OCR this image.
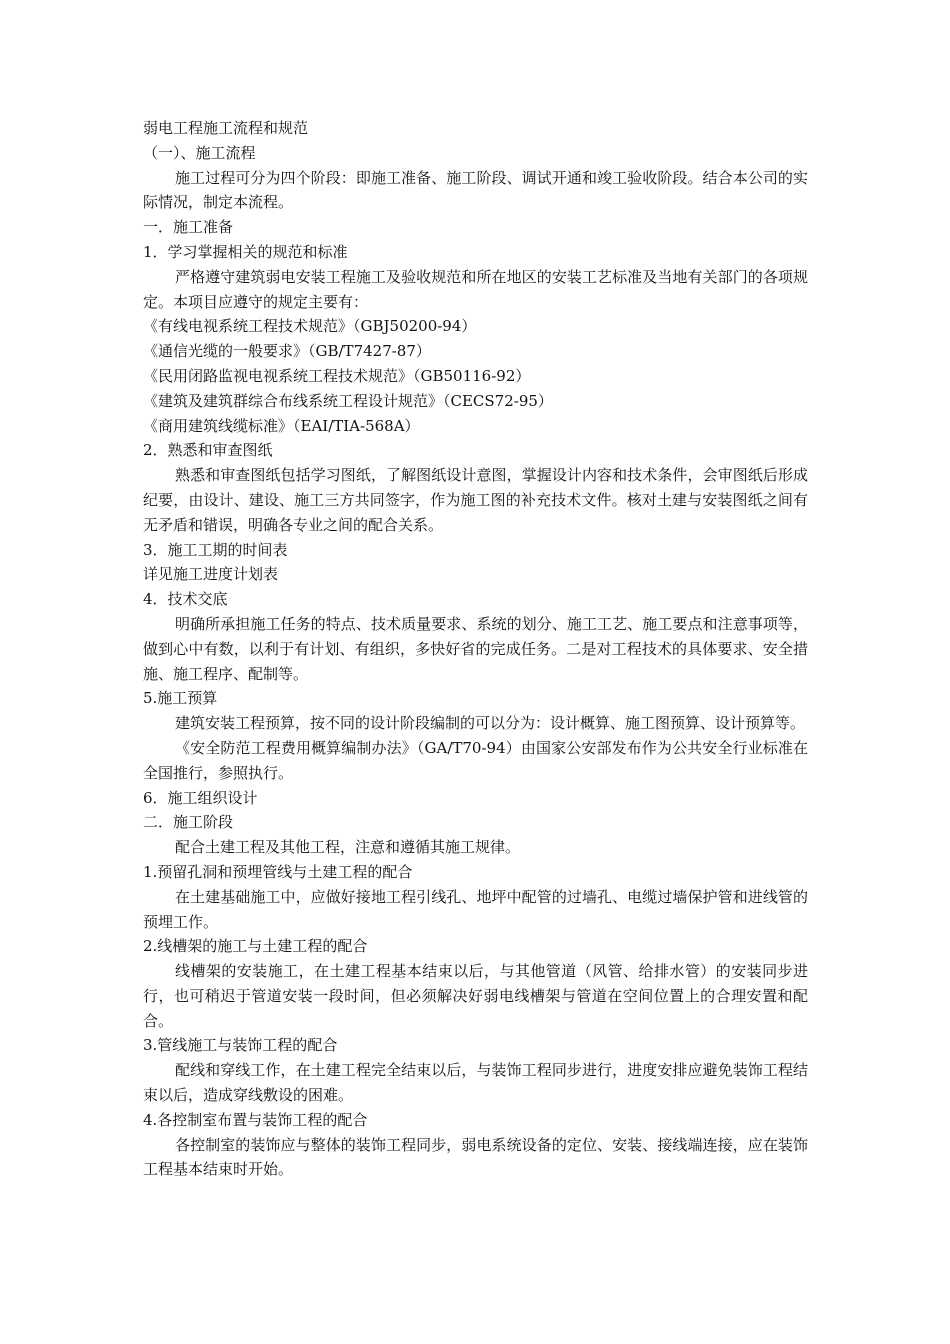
弱电工程施工流程和规范

（一）、施工流程

施工过程可分为四个阶段：即施工准备、施工阶段、调试开通和竣工验收阶段。结合本公司的实际情况，制定本流程。

一．施工准备

1．学习掌握相关的规范和标准

严格遵守建筑弱电安装工程施工及验收规范和所在地区的安装工艺标准及当地有关部门的各项规定。本项目应遵守的规定主要有：

《有线电视系统工程技术规范》（GBJ50200-94）

《通信光缆的一般要求》（GB/T7427-87）

《民用闭路监视电视系统工程技术规范》（GB50116-92）

《建筑及建筑群综合布线系统工程设计规范》（CECS72-95）

《商用建筑线缆标准》（EAI/TIA-568A）

2．熟悉和审查图纸

熟悉和审查图纸包括学习图纸，了解图纸设计意图，掌握设计内容和技术条件，会审图纸后形成纪要，由设计、建设、施工三方共同签字，作为施工图的补充技术文件。核对土建与安装图纸之间有无矛盾和错误，明确各专业之间的配合关系。

3．施工工期的时间表

详见施工进度计划表

4．技术交底

明确所承担施工任务的特点、技术质量要求、系统的划分、施工工艺、施工要点和注意事项等，做到心中有数，以利于有计划、有组织，多快好省的完成任务。二是对工程技术的具体要求、安全措施、施工程序、配制等。

5.施工预算

建筑安装工程预算，按不同的设计阶段编制的可以分为：设计概算、施工图预算、设计预算等。

《安全防范工程费用概算编制办法》（GA/T70-94）由国家公安部发布作为公共安全行业标准在全国推行，参照执行。

6．施工组织设计

二．施工阶段

配合土建工程及其他工程，注意和遵循其施工规律。

1.预留孔洞和预埋管线与土建工程的配合

在土建基础施工中，应做好接地工程引线孔、地坪中配管的过墙孔、电缆过墙保护管和进线管的预埋工作。

2.线槽架的施工与土建工程的配合

线槽架的安装施工，在土建工程基本结束以后，与其他管道（风管、给排水管）的安装同步进行，也可稍迟于管道安装一段时间，但必须解决好弱电线槽架与管道在空间位置上的合理安置和配合。

3.管线施工与装饰工程的配合

配线和穿线工作，在土建工程完全结束以后，与装饰工程同步进行，进度安排应避免装饰工程结束以后，造成穿线敷设的困难。

4.各控制室布置与装饰工程的配合

各控制室的装饰应与整体的装饰工程同步，弱电系统设备的定位、安装、接线端连接，应在装饰工程基本结束时开始。
